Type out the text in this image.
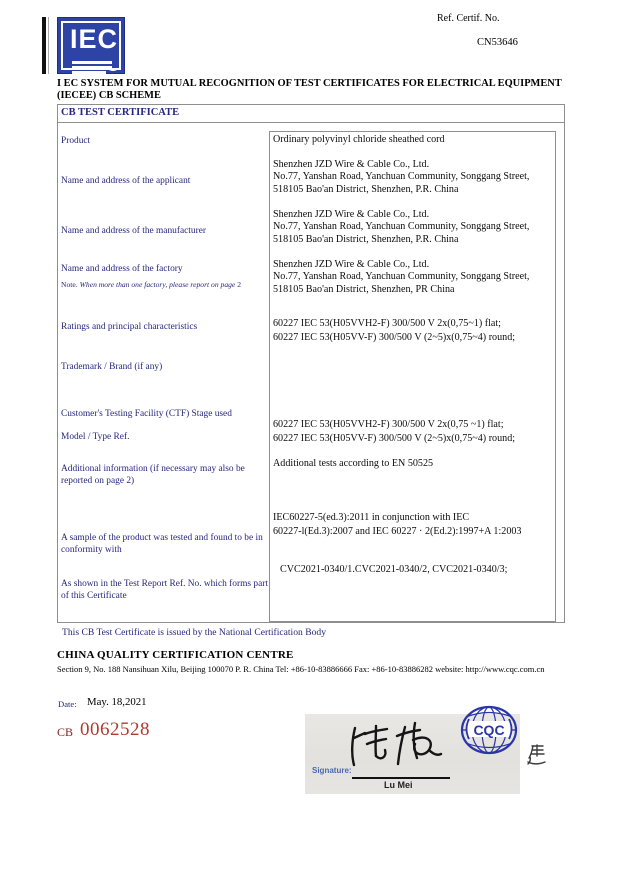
IEC
Ref. Certif. No.
CN53646
I EC SYSTEM FOR MUTUAL RECOGNITION OF TEST CERTIFICATES FOR ELECTRICAL EQUIPMENT
(IECEE) CB SCHEME
CB TEST CERTIFICATE
Product
Name and address of the applicant
Name and address of the manufacturer
Name and address of the factory
Note. When more than one factory, please report on page 2
Ratings and principal characteristics
Trademark / Brand (if any)
Customer's Testing Facility (CTF) Stage used
Model / Type Ref.
Additional information (if necessary may also be reported on page 2)
A sample of the product was tested and found to be in conformity with
As shown in the Test Report Ref. No. which forms part of this Certificate
Ordinary polyvinyl chloride sheathed cord
Shenzhen JZD Wire & Cable Co., Ltd.
No.77, Yanshan Road, Yanchuan Community, Songgang Street,
518105 Bao'an District, Shenzhen, P.R. China
Shenzhen JZD Wire & Cable Co., Ltd.
No.77, Yanshan Road, Yanchuan Community, Songgang Street,
518105 Bao'an District, Shenzhen, P.R. China
Shenzhen JZD Wire & Cable Co., Ltd.
No.77, Yanshan Road, Yanchuan Community, Songgang Street,
518105 Bao'an District, Shenzhen, PR China
60227 IEC 53(H05VVH2-F) 300/500 V 2x(0,75~1) flat;
60227 IEC 53(H05VV-F) 300/500 V (2~5)x(0,75~4) round;
60227 IEC 53(H05VVH2-F) 300/500 V 2x(0,75 ~1) flat;
60227 IEC 53(H05VV-F) 300/500 V (2~5)x(0,75~4) round;
Additional tests according to EN 50525
IEC60227-5(ed.3):2011 in conjunction with IEC
60227-l(Ed.3):2007 and IEC 60227 · 2(Ed.2):1997+A 1:2003
CVC2021-0340/1.CVC2021-0340/2, CVC2021-0340/3;
This CB Test Certificate is issued by the National Certification Body
CHINA QUALITY CERTIFICATION CENTRE
Section 9, No. 188 Nansihuan Xilu, Beijing 100070 P. R. China Tel: +86-10-83886666 Fax: +86-10-83886282 website: http://www.cqc.com.cn
Date: May. 18,2021
CB 0062528	CQC
Signature:
Lu Mei
